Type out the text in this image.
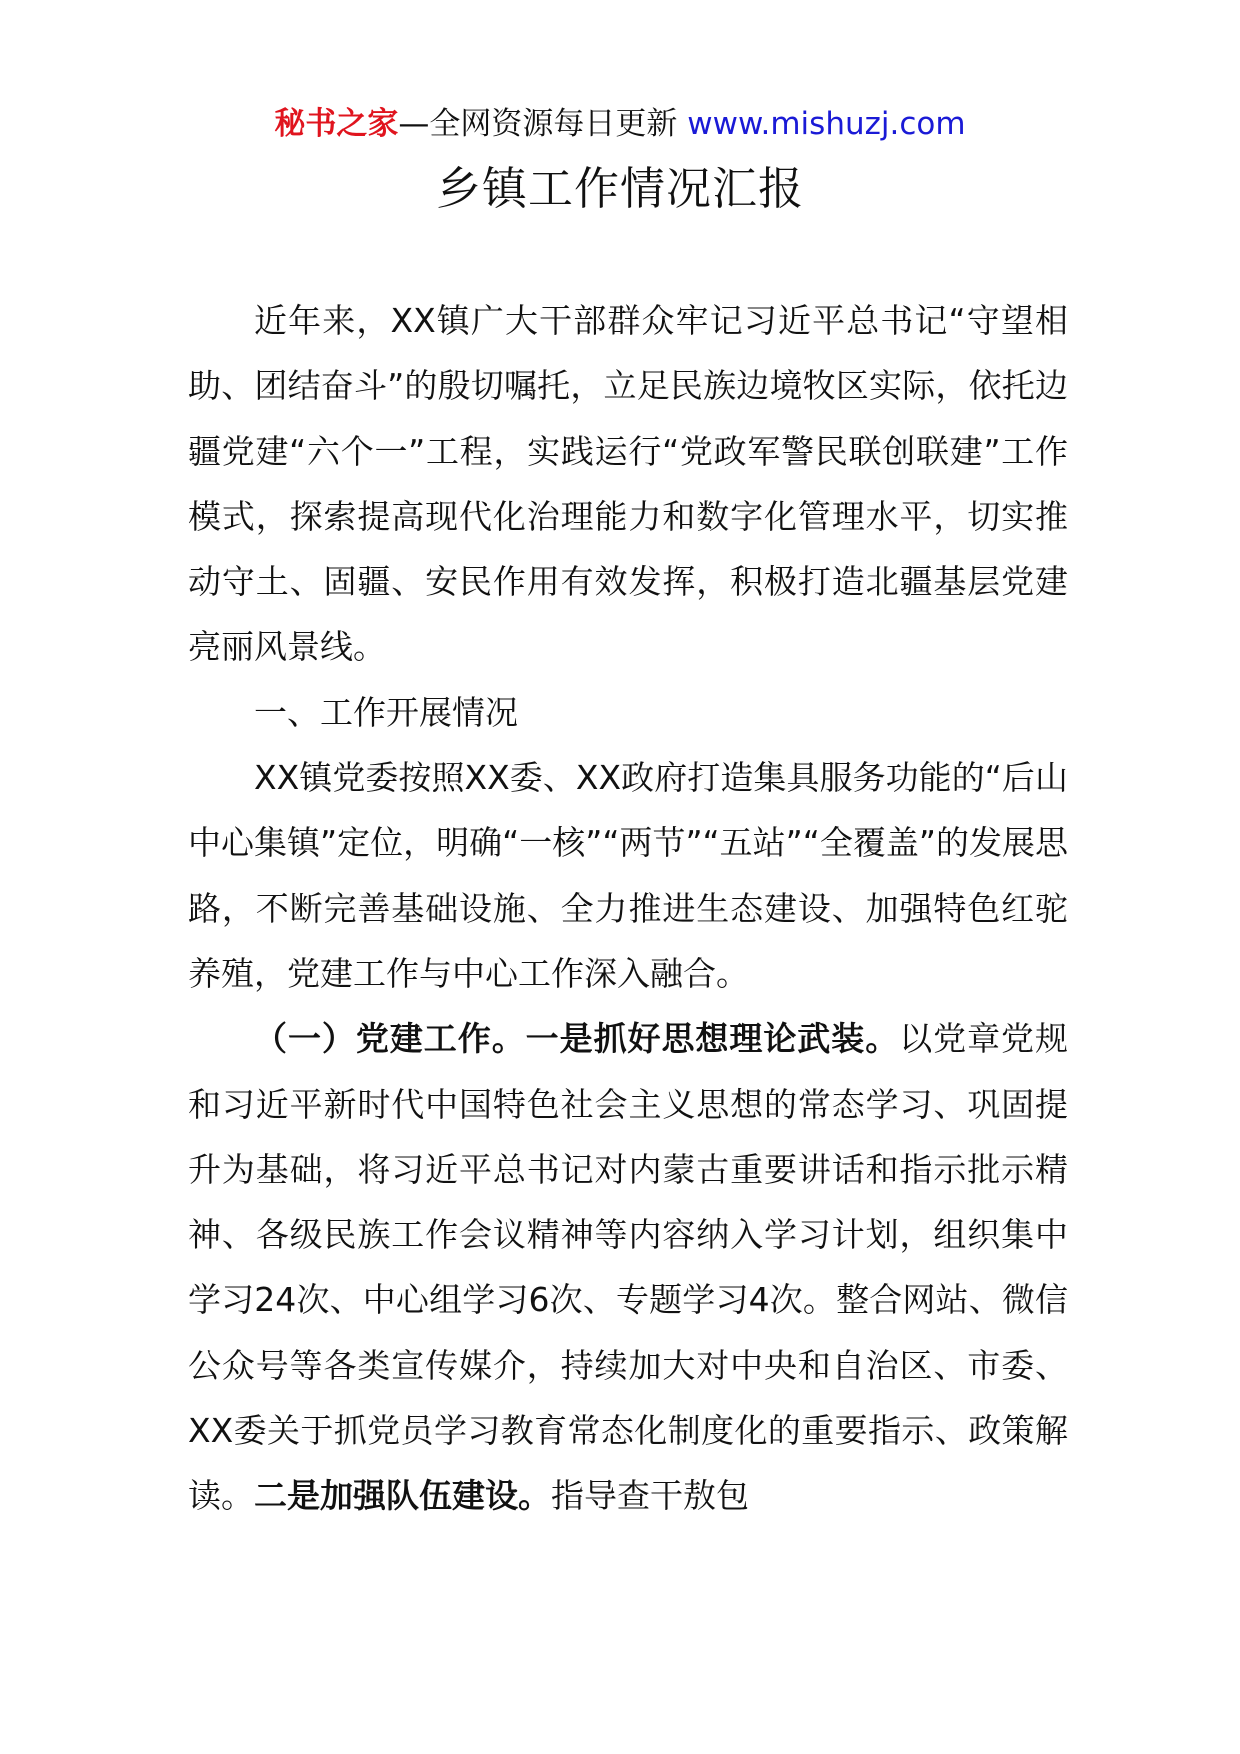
秘书之家—全网资源每日更新 www.mishuzj.com
乡镇工作情况汇报

近年来，XX镇广大干部群众牢记习近平总书记“守望相助、团结奋斗”的殷切嘱托，立足民族边境牧区实际，依托边疆党建“六个一”工程，实践运行“党政军警民联创联建”工作模式，探索提高现代化治理能力和数字化管理水平，切实推动守土、固疆、安民作用有效发挥，积极打造北疆基层党建亮丽风景线。

一、工作开展情况

XX镇党委按照XX委、XX政府打造集具服务功能的“后山中心集镇”定位，明确“一核”“两节”“五站”“全覆盖”的发展思路，不断完善基础设施、全力推进生态建设、加强特色红驼养殖，党建工作与中心工作深入融合。

（一）党建工作。一是抓好思想理论武装。以党章党规和习近平新时代中国特色社会主义思想的常态学习、巩固提升为基础，将习近平总书记对内蒙古重要讲话和指示批示精神、各级民族工作会议精神等内容纳入学习计划，组织集中学习24次、中心组学习6次、专题学习4次。整合网站、微信公众号等各类宣传媒介，持续加大对中央和自治区、市委、XX委关于抓党员学习教育常态化制度化的重要指示、政策解读。二是加强队伍建设。指导查干敖包
